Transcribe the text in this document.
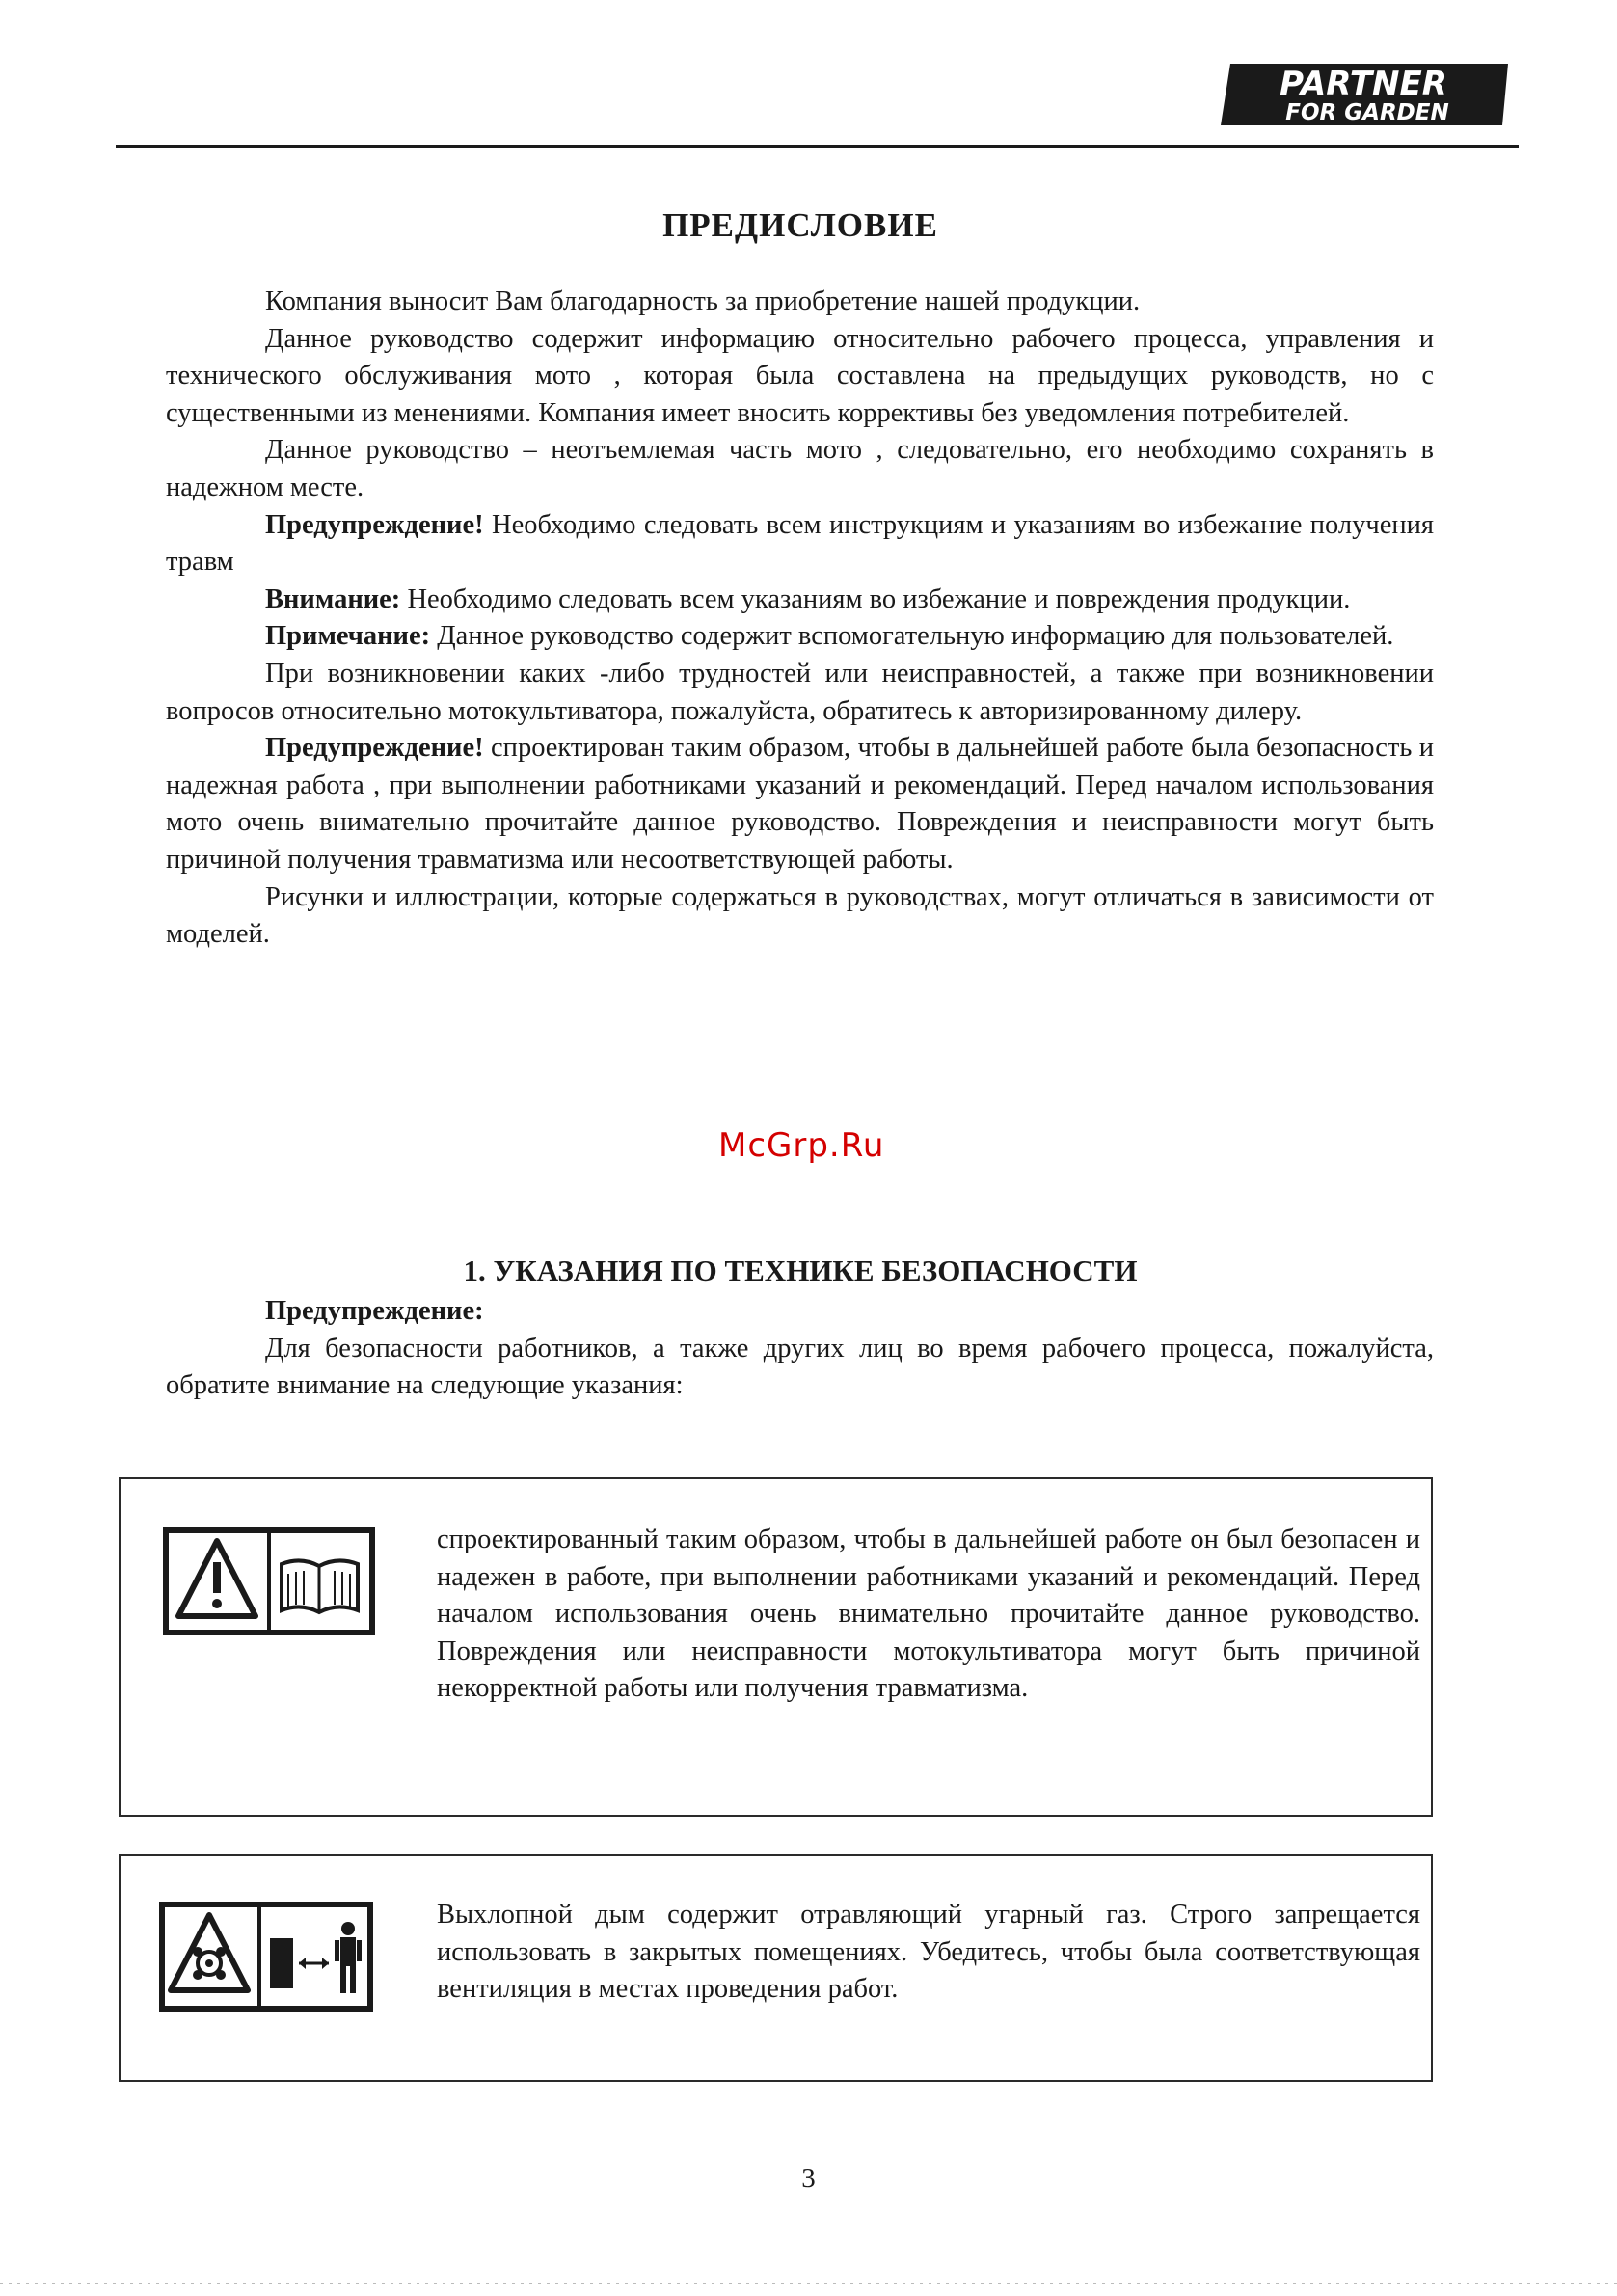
PARTNER
FOR GARDEN
ПРЕДИСЛОВИЕ

Компания выносит Вам благодарность за приобретение нашей продукции.

Данное руководство содержит информацию относительно рабочего процесса, управления и технического обслуживания мото , которая была составлена на предыдущих руководств, но с существенными из менениями. Компания имеет вносить коррективы без уведомления потребителей.

Данное руководство – неотъемлемая часть мото , следовательно, его необходимо сохранять в надежном месте.

Предупреждение! Необходимо следовать всем инструкциям и указаниям во избежание получения травм

Внимание: Необходимо следовать всем указаниям во избежание и повреждения продукции.

Примечание: Данное руководство содержит вспомогательную информацию для пользователей.

При возникновении каких -либо трудностей или неисправностей, а также при возникновении вопросов относительно мотокультиватора, пожалуйста, обратитесь к авторизированному дилеру.

Предупреждение! спроектирован таким образом, чтобы в дальнейшей работе была безопасность и надежная работа , при выполнении работниками указаний и рекомендаций. Перед началом использования мото очень внимательно прочитайте данное руководство. Повреждения и неисправности могут быть причиной получения травматизма или несоответствующей работы.

Рисунки и иллюстрации, которые содержаться в руководствах, могут отличаться в зависимости от моделей.

McGrp.Ru
1. УКАЗАНИЯ ПО ТЕХНИКЕ БЕЗОПАСНОСТИ

Предупреждение:

Для безопасности работников, а также других лиц во время рабочего процесса, пожалуйста, обратите внимание на следующие указания:

спроектированный таким образом, чтобы в дальнейшей работе он был безопасен и надежен в работе, при выполнении работниками указаний и рекомендаций. Перед началом использования очень внимательно прочитайте данное руководство. Повреждения или неисправности мотокультиватора могут быть причиной некорректной работы или получения травматизма.
Выхлопной дым содержит отравляющий угарный газ. Строго запрещается использовать в закрытых помещениях. Убедитесь, чтобы была соответствующая вентиляция в местах проведения работ.
3
